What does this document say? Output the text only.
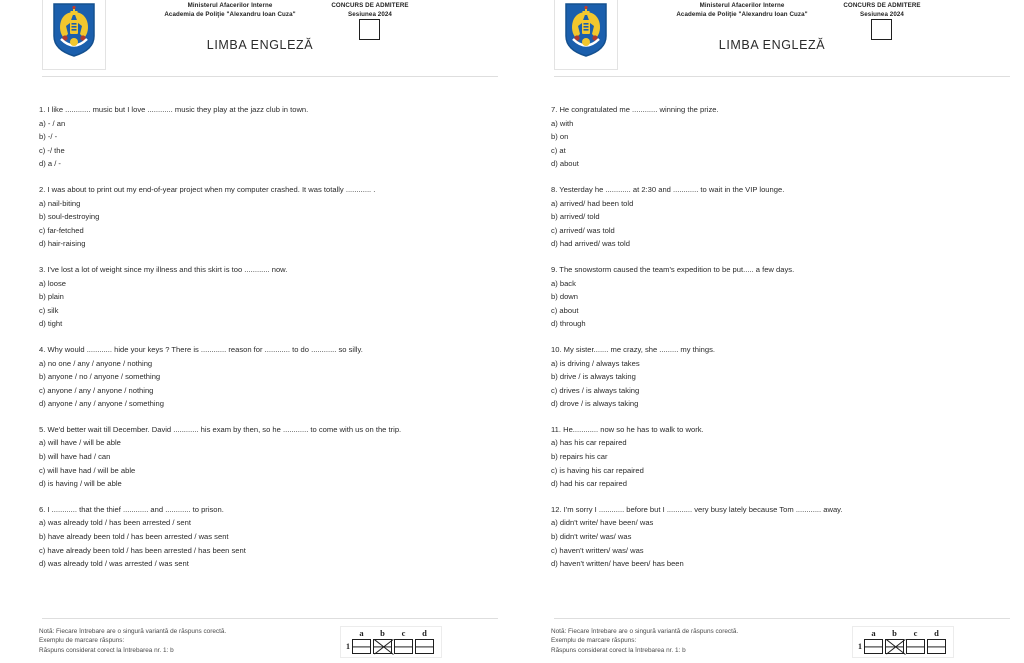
Ministerul Afacerilor Interne
Academia de Poliţie "Alexandru Ioan Cuza"
CONCURS DE ADMITERE
Sesiunea 2024
LIMBA ENGLEZĂ
1. I like ............ music but I love ............ music they play at the jazz club in town.
a) - / an
b) -/ -
c) -/ the
d) a / -
2. I was about to print out my end-of-year project when my computer crashed. It was totally ............ .
a) nail-biting
b) soul-destroying
c) far-fetched
d) hair-raising
3. I've lost a lot of weight since my illness and this skirt is too ............ now.
a) loose
b) plain
c) silk
d) tight
4. Why would ............ hide your keys ? There is ............ reason for ............ to do ............ so silly.
a) no one / any / anyone / nothing
b) anyone / no / anyone / something
c) anyone / any / anyone / nothing
d) anyone / any / anyone / something
5. We'd better wait till December. David ............ his exam by then, so he ............ to come with us on the trip.
a) will have / will be able
b) will have had / can
c) will have had / will be able
d) is having / will be able
6. I ............ that the thief ............ and ............ to prison.
a) was already told / has been arrested / sent
b) have already been told / has been arrested / was sent
c) have already been told / has been arrested / has been sent
d) was already told / was arrested / was sent
Notă: Fiecare întrebare are o singură variantă de răspuns corectă.
Exemplu de marcare răspuns:
Răspuns considerat corect la întrebarea nr. 1: b	1
a b c d
Ministerul Afacerilor Interne
Academia de Poliţie "Alexandru Ioan Cuza"
CONCURS DE ADMITERE
Sesiunea 2024
LIMBA ENGLEZĂ
7. He congratulated me ............ winning the prize.
a) with
b) on
c) at
d) about
8. Yesterday he ............ at 2:30 and ............ to wait in the VIP lounge.
a) arrived/ had been told
b) arrived/ told
c) arrived/ was told
d) had arrived/ was told
9. The snowstorm caused the team's expedition to be put..... a few days.
a) back
b) down
c) about
d) through
10. My sister....... me crazy, she ......... my things.
a) is driving / always takes
b) drive / is always taking
c) drives / is always taking
d) drove / is always taking
11. He............ now so he has to walk to work.
a) has his car repaired
b) repairs his car
c) is having his car repaired
d) had his car repaired
12. I'm sorry I ............ before but I ............ very busy lately because Tom ............ away.
a) didn't write/ have been/ was
b) didn't write/ was/ was
c) haven't written/ was/ was
d) haven't written/ have been/ has been
Notă: Fiecare întrebare are o singură variantă de răspuns corectă.
Exemplu de marcare răspuns:
Răspuns considerat corect la întrebarea nr. 1: b	1
a b c d
